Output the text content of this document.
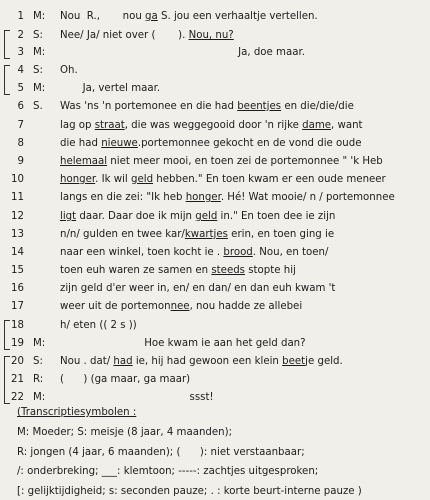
1 M: Nou  R.,       nou ga S. jou een verhaaltje vertellen.
2 S: Nee/ Ja/ niet over (       ). Nou, nu?
3 M: Ja, doe maar.
4 S: Oh.
5 M: Ja, vertel maar.
6 S. Was 'ns 'n portemonee en die had beentjes en die/die/die
7	lag op straat, die was weggegooid door 'n rijke dame, want
8	die had nieuwe.portemonnee gekocht en de vond die oude
9	helemaal niet meer mooi, en toen zei de portemonnee " 'k Heb
10	honger. Ik wil geld hebben." En toen kwam er een oude meneer
11	langs en die zei: "Ik heb honger. Hé! Wat mooie/ n / portemonnee
12	ligt daar. Daar doe ik mijn geld in." En toen dee ie zijn
13	n/n/ gulden en twee kar/kwartjes erin, en toen ging ie
14	naar een winkel, toen kocht ie . brood. Nou, en toen/
15	toen euh waren ze samen en steeds stopte hij
16	zijn geld d'er weer in, en/ en dan/ en dan euh kwam 't
17	weer uit de portemonnee, nou hadde ze allebei
18	h/ eten (( 2 s ))
19 M: Hoe kwam ie aan het geld dan?
20 S: Nou . dat/ had ie, hij had gewoon een klein beetje geld.
21 R: (      ) (ga maar, ga maar)
22 M: ssst!
(Transcriptiesymbolen :
M: Moeder; S: meisje (8 jaar, 4 maanden);
R: jongen (4 jaar, 6 maanden); (      ): niet verstaanbaar;
/: onderbreking; ___: klemtoon; -----: zachtjes uitgesproken;
[: gelijktijdigheid; s: seconden pauze; . : korte beurt-interne pauze )
